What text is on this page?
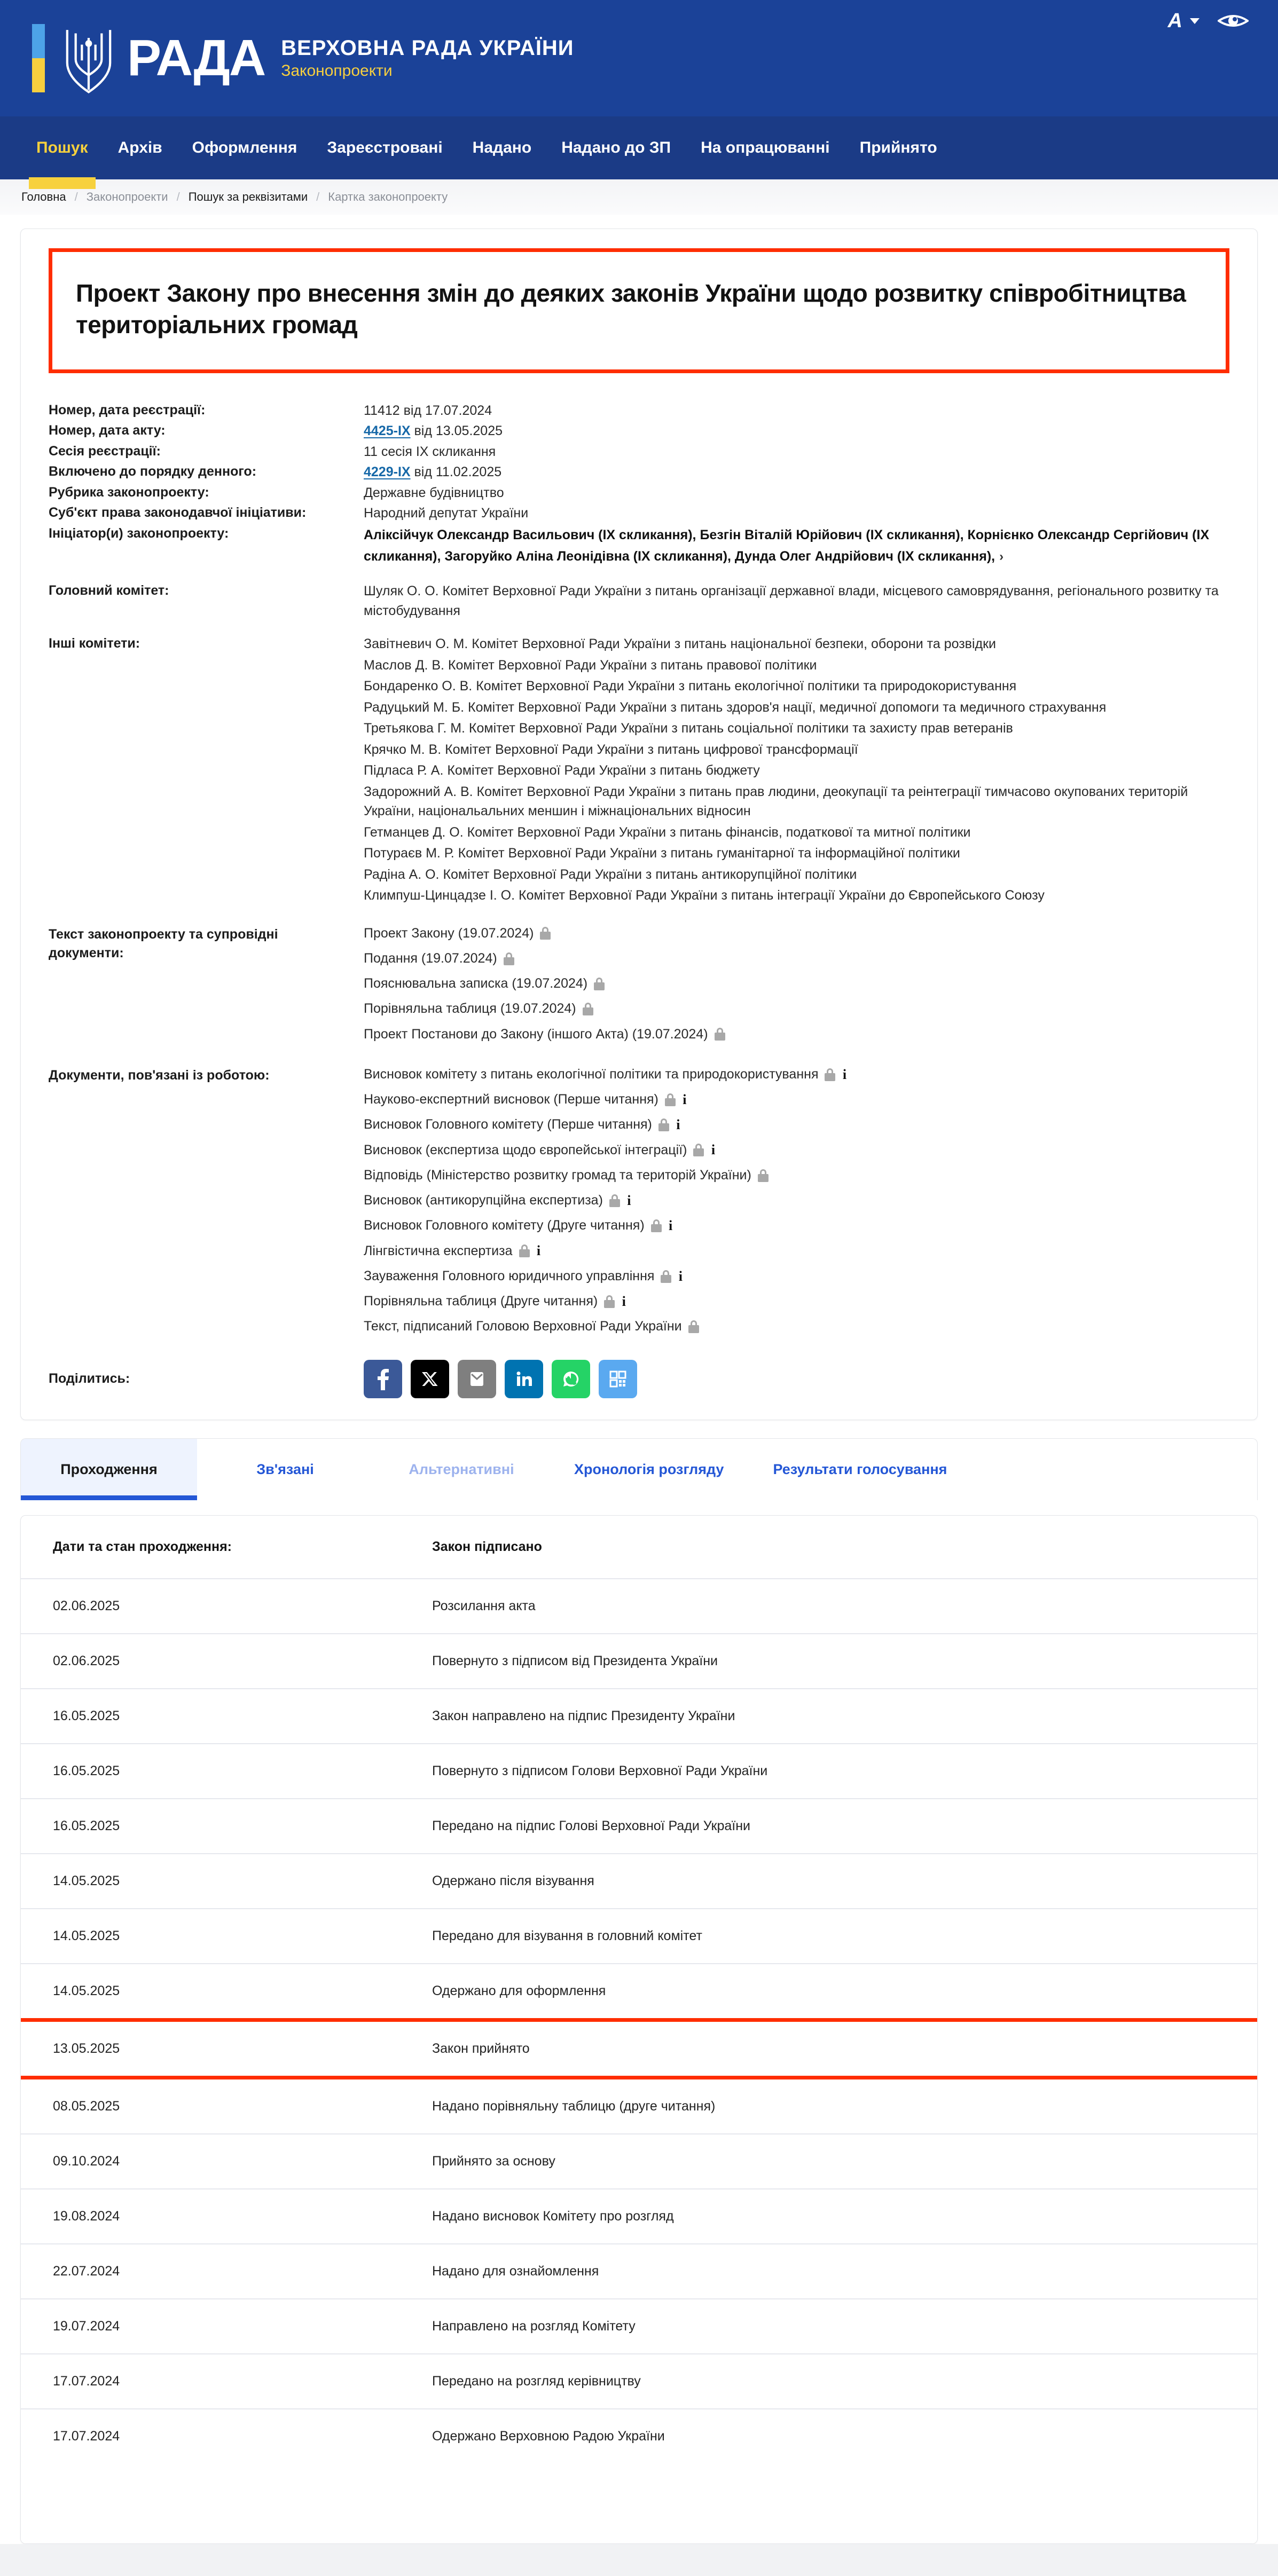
РАДА ВЕРХОВНА РАДА УКРАЇНИ
Законопроекти
A
Пошук	Архів	Оформлення	Зареєстровані	Надано	Надано до ЗП	На опрацюванні	Прийнято
Головна / Законопроекти / Пошук за реквізитами / Картка законопроекту
Проект Закону про внесення змін до деяких законів України щодо розвитку співробітництва територіальних громад
Номер, дата реєстрації:	11412 від 17.07.2024
Номер, дата акту:	4425-IX від 13.05.2025
Сесія реєстрації:	11 сесія IX скликання
Включено до порядку денного:	4229-IX від 11.02.2025
Рубрика законопроекту:	Державне будівництво
Суб'єкт права законодавчої ініціативи:	Народний депутат України
Ініціатор(и) законопроекту:	Аліксійчук Олександр Васильович (IX скликання), Безгін Віталій Юрійович (IX скликання), Корнієнко Олександр Сергійович (IX скликання), Загоруйко Аліна Леонідівна (IX скликання), Дунда Олег Андрійович (IX скликання), ›
Головний комітет:	Шуляк О. О. Комітет Верховної Ради України з питань організації державної влади, місцевого самоврядування, регіонального розвитку та містобудування
Інші комітети:	Завітневич О. М. Комітет Верховної Ради України з питань національної безпеки, оборони та розвідки
Маслов Д. В. Комітет Верховної Ради України з питань правової політики
Бондаренко О. В. Комітет Верховної Ради України з питань екологічної політики та природокористування
Радуцький М. Б. Комітет Верховної Ради України з питань здоров'я нації, медичної допомоги та медичного страхування
Третьякова Г. М. Комітет Верховної Ради України з питань соціальної політики та захисту прав ветеранів
Крячко М. В. Комітет Верховної Ради України з питань цифрової трансформації
Підласа Р. А. Комітет Верховної Ради України з питань бюджету
Задорожний А. В. Комітет Верховної Ради України з питань прав людини, деокупації та реінтеграції тимчасово окупованих територій України, національальних меншин і міжнаціональних відносин
Гетманцев Д. О. Комітет Верховної Ради України з питань фінансів, податкової та митної політики
Потураєв М. Р. Комітет Верховної Ради України з питань гуманітарної та інформаційної політики
Радіна А. О. Комітет Верховної Ради України з питань антикорупційної політики
Климпуш-Цинцадзе І. О. Комітет Верховної Ради України з питань інтеграції України до Європейського Союзу
Текст законопроекту та супровідні документи:
Проект Закону (19.07.2024)
Подання (19.07.2024)
Пояснювальна записка (19.07.2024)
Порівняльна таблиця (19.07.2024)
Проект Постанови до Закону (іншого Акта) (19.07.2024)
Документи, пов'язані із роботою:	Висновок комітету з питань екологічної політики та природокористування i
Науково-експертний висновок (Перше читання) i
Висновок Головного комітету (Перше читання) i
Висновок (експертиза щодо європейської інтеграції) i
Відповідь (Міністерство розвитку громад та територій України)
Висновок (антикорупційна експертиза) i
Висновок Головного комітету (Друге читання) i
Лінгвістична експертиза i
Зауваження Головного юридичного управління i
Порівняльна таблиця (Друге читання) i
Текст, підписаний Головою Верховної Ради України
Поділитись:
Проходження	Зв'язані	Альтернативні	Хронологія розгляду	Результати голосування
Дати та стан проходження:	Закон підписано
02.06.2025	Розсилання акта
02.06.2025	Повернуто з підписом від Президента України
16.05.2025	Закон направлено на підпис Президенту України
16.05.2025	Повернуто з підписом Голови Верховної Ради України
16.05.2025	Передано на підпис Голові Верховної Ради України
14.05.2025	Одержано після візування
14.05.2025	Передано для візування в головний комітет
14.05.2025	Одержано для оформлення
13.05.2025	Закон прийнято
08.05.2025	Надано порівняльну таблицю (друге читання)
09.10.2024	Прийнято за основу
19.08.2024	Надано висновок Комітету про розгляд
22.07.2024	Надано для ознайомлення
19.07.2024	Направлено на розгляд Комітету
17.07.2024	Передано на розгляд керівництву
17.07.2024	Одержано Верховною Радою України
